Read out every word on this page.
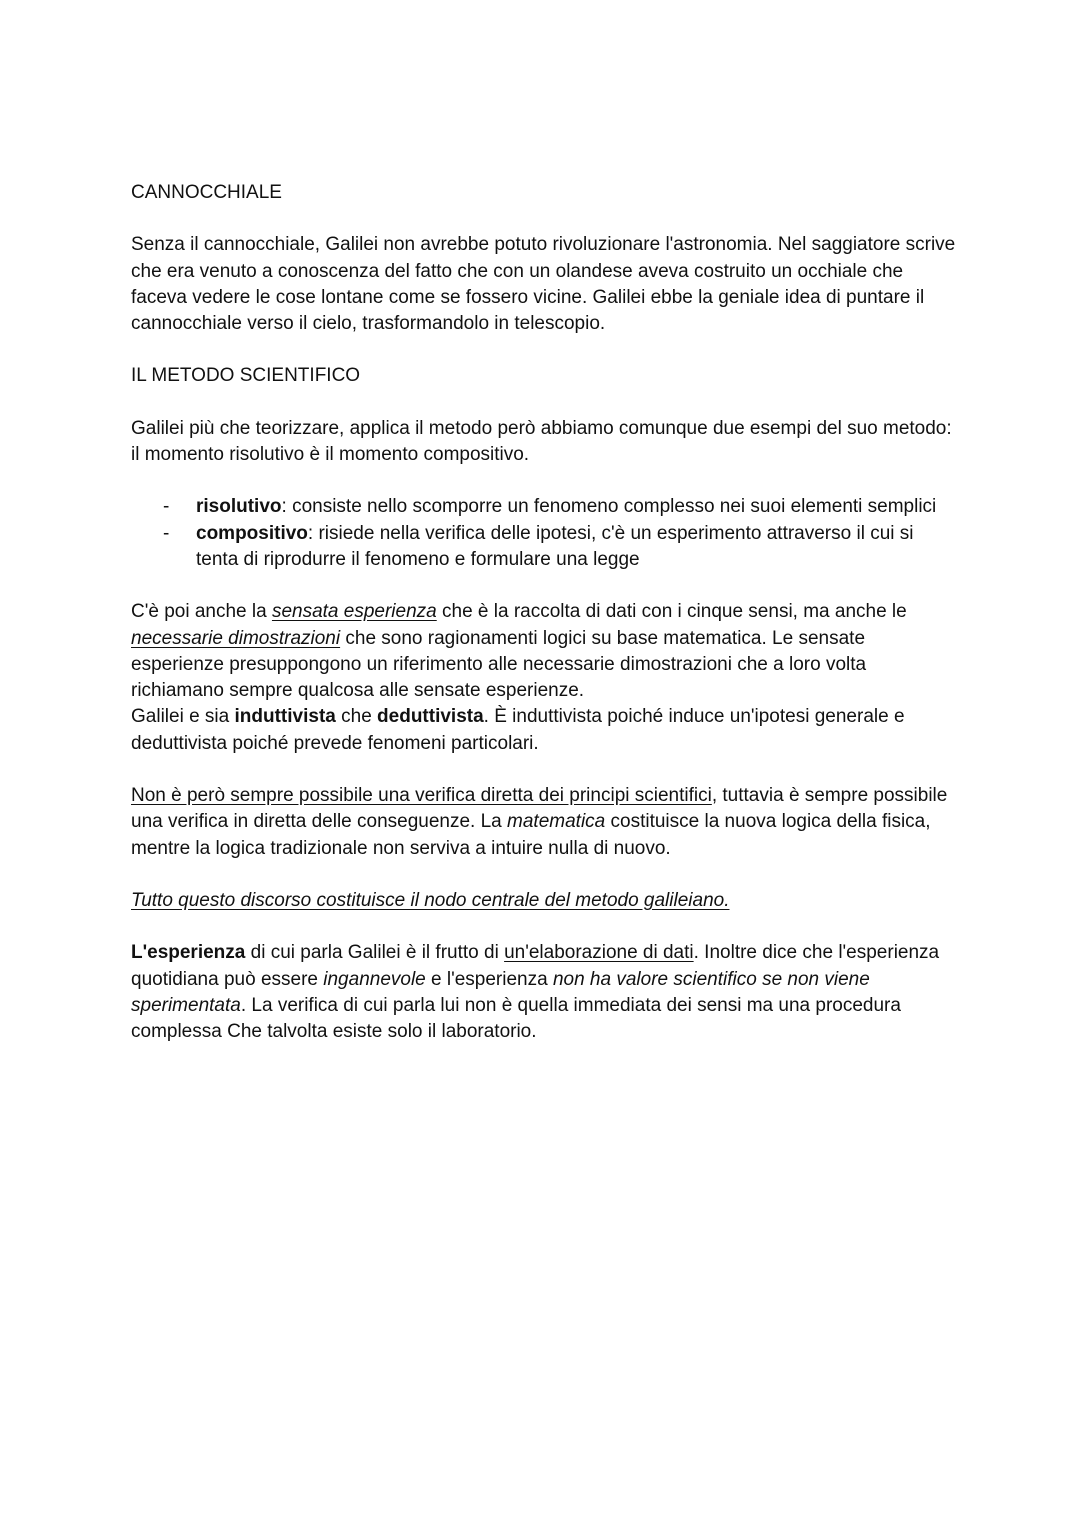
CANNOCCHIALE

Senza il cannocchiale, Galilei non avrebbe potuto rivoluzionare l'astronomia. Nel saggiatore scrive che era venuto a conoscenza del fatto che con un olandese aveva costruito un occhiale che faceva vedere le cose lontane come se fossero vicine. Galilei ebbe la geniale idea di puntare il cannocchiale verso il cielo, trasformandolo in telescopio.

IL METODO SCIENTIFICO

Galilei più che teorizzare, applica il metodo però abbiamo comunque due esempi del suo metodo: il momento risolutivo è il momento compositivo.

- risolutivo: consiste nello scomporre un fenomeno complesso nei suoi elementi semplici
- compositivo: risiede nella verifica delle ipotesi, c'è un esperimento attraverso il cui si tenta di riprodurre il fenomeno e formulare una legge

C'è poi anche la sensata esperienza che è la raccolta di dati con i cinque sensi, ma anche le necessarie dimostrazioni che sono ragionamenti logici su base matematica. Le sensate esperienze presuppongono un riferimento alle necessarie dimostrazioni che a loro volta richiamano sempre qualcosa alle sensate esperienze.

Galilei e sia induttivista che deduttivista. È induttivista poiché induce un'ipotesi generale e deduttivista poiché prevede fenomeni particolari.

Non è però sempre possibile una verifica diretta dei principi scientifici, tuttavia è sempre possibile una verifica in diretta delle conseguenze. La matematica costituisce la nuova logica della fisica, mentre la logica tradizionale non serviva a intuire nulla di nuovo.

Tutto questo discorso costituisce il nodo centrale del metodo galileiano.

L'esperienza di cui parla Galilei è il frutto di un'elaborazione di dati. Inoltre dice che l'esperienza quotidiana può essere ingannevole e l'esperienza non ha valore scientifico se non viene sperimentata. La verifica di cui parla lui non è quella immediata dei sensi ma una procedura complessa Che talvolta esiste solo il laboratorio.
